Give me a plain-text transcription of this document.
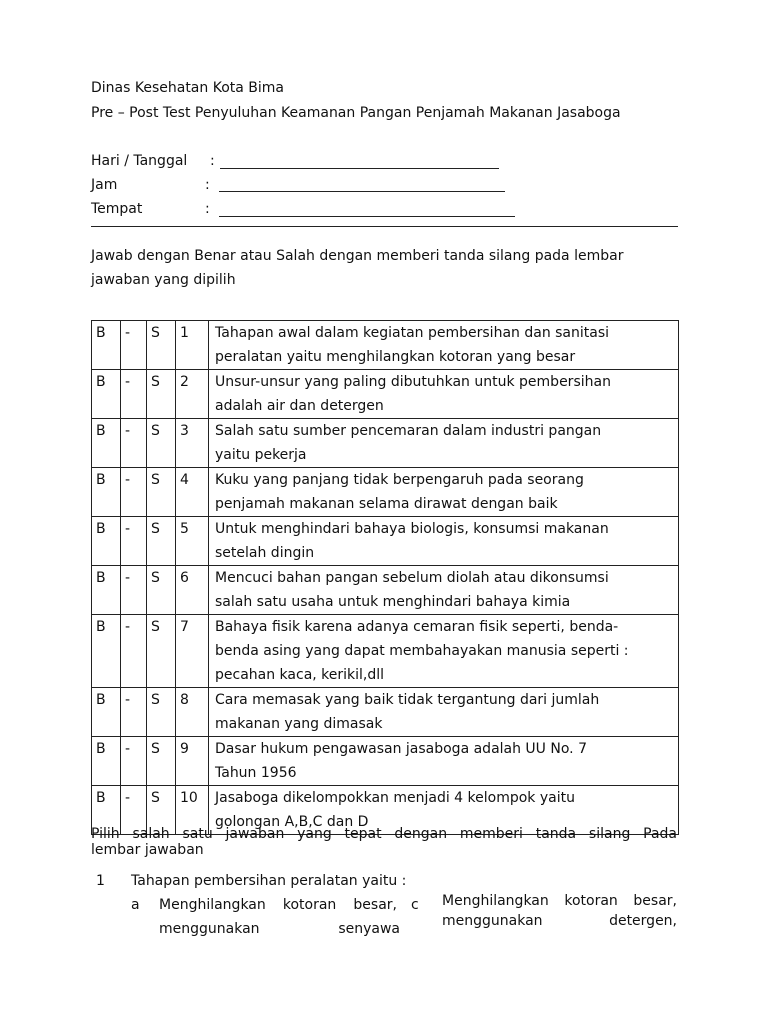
Dinas Kesehatan Kota Bima
Pre – Post Test Penyuluhan Keamanan Pangan Penjamah Makanan Jasaboga
Hari / Tanggal :
Jam	:
Tempat	:
Jawab dengan Benar atau Salah dengan memberi tanda silang pada lembar
jawaban yang dipilih
B	-	S	1	Tahapan awal dalam kegiatan pembersihan dan sanitasi
peralatan yaitu menghilangkan kotoran yang besar

B	-	S	2	Unsur-unsur yang paling dibutuhkan untuk pembersihan
adalah air dan detergen

B	-	S	3	Salah satu sumber pencemaran dalam industri pangan
yaitu pekerja

B	-	S	4	Kuku yang panjang tidak berpengaruh pada seorang
penjamah makanan selama dirawat dengan baik

B	-	S	5	Untuk menghindari bahaya biologis, konsumsi makanan
setelah dingin

B	-	S	6	Mencuci bahan pangan sebelum diolah atau dikonsumsi
salah satu usaha untuk menghindari bahaya kimia

B	-	S	7	Bahaya fisik karena adanya cemaran fisik seperti, benda-
benda asing yang dapat membahayakan manusia seperti :
pecahan kaca, kerikil,dll

B	-	S	8	Cara memasak yang baik tidak tergantung dari jumlah
makanan yang dimasak

B	-	S	9	Dasar hukum pengawasan jasaboga adalah UU No. 7
Tahun 1956

B	-	S	10	Jasaboga dikelompokkan menjadi 4 kelompok yaitu
golongan A,B,C dan D
Pilih salah satu jawaban yang tepat dengan memberi tanda silang Pada
lembar jawaban
1 Tahapan pembersihan peralatan yaitu :
a Menghilangkan kotoran besar,
menggunakan senyawa
c Menghilangkan kotoran besar,
menggunakan detergen,
